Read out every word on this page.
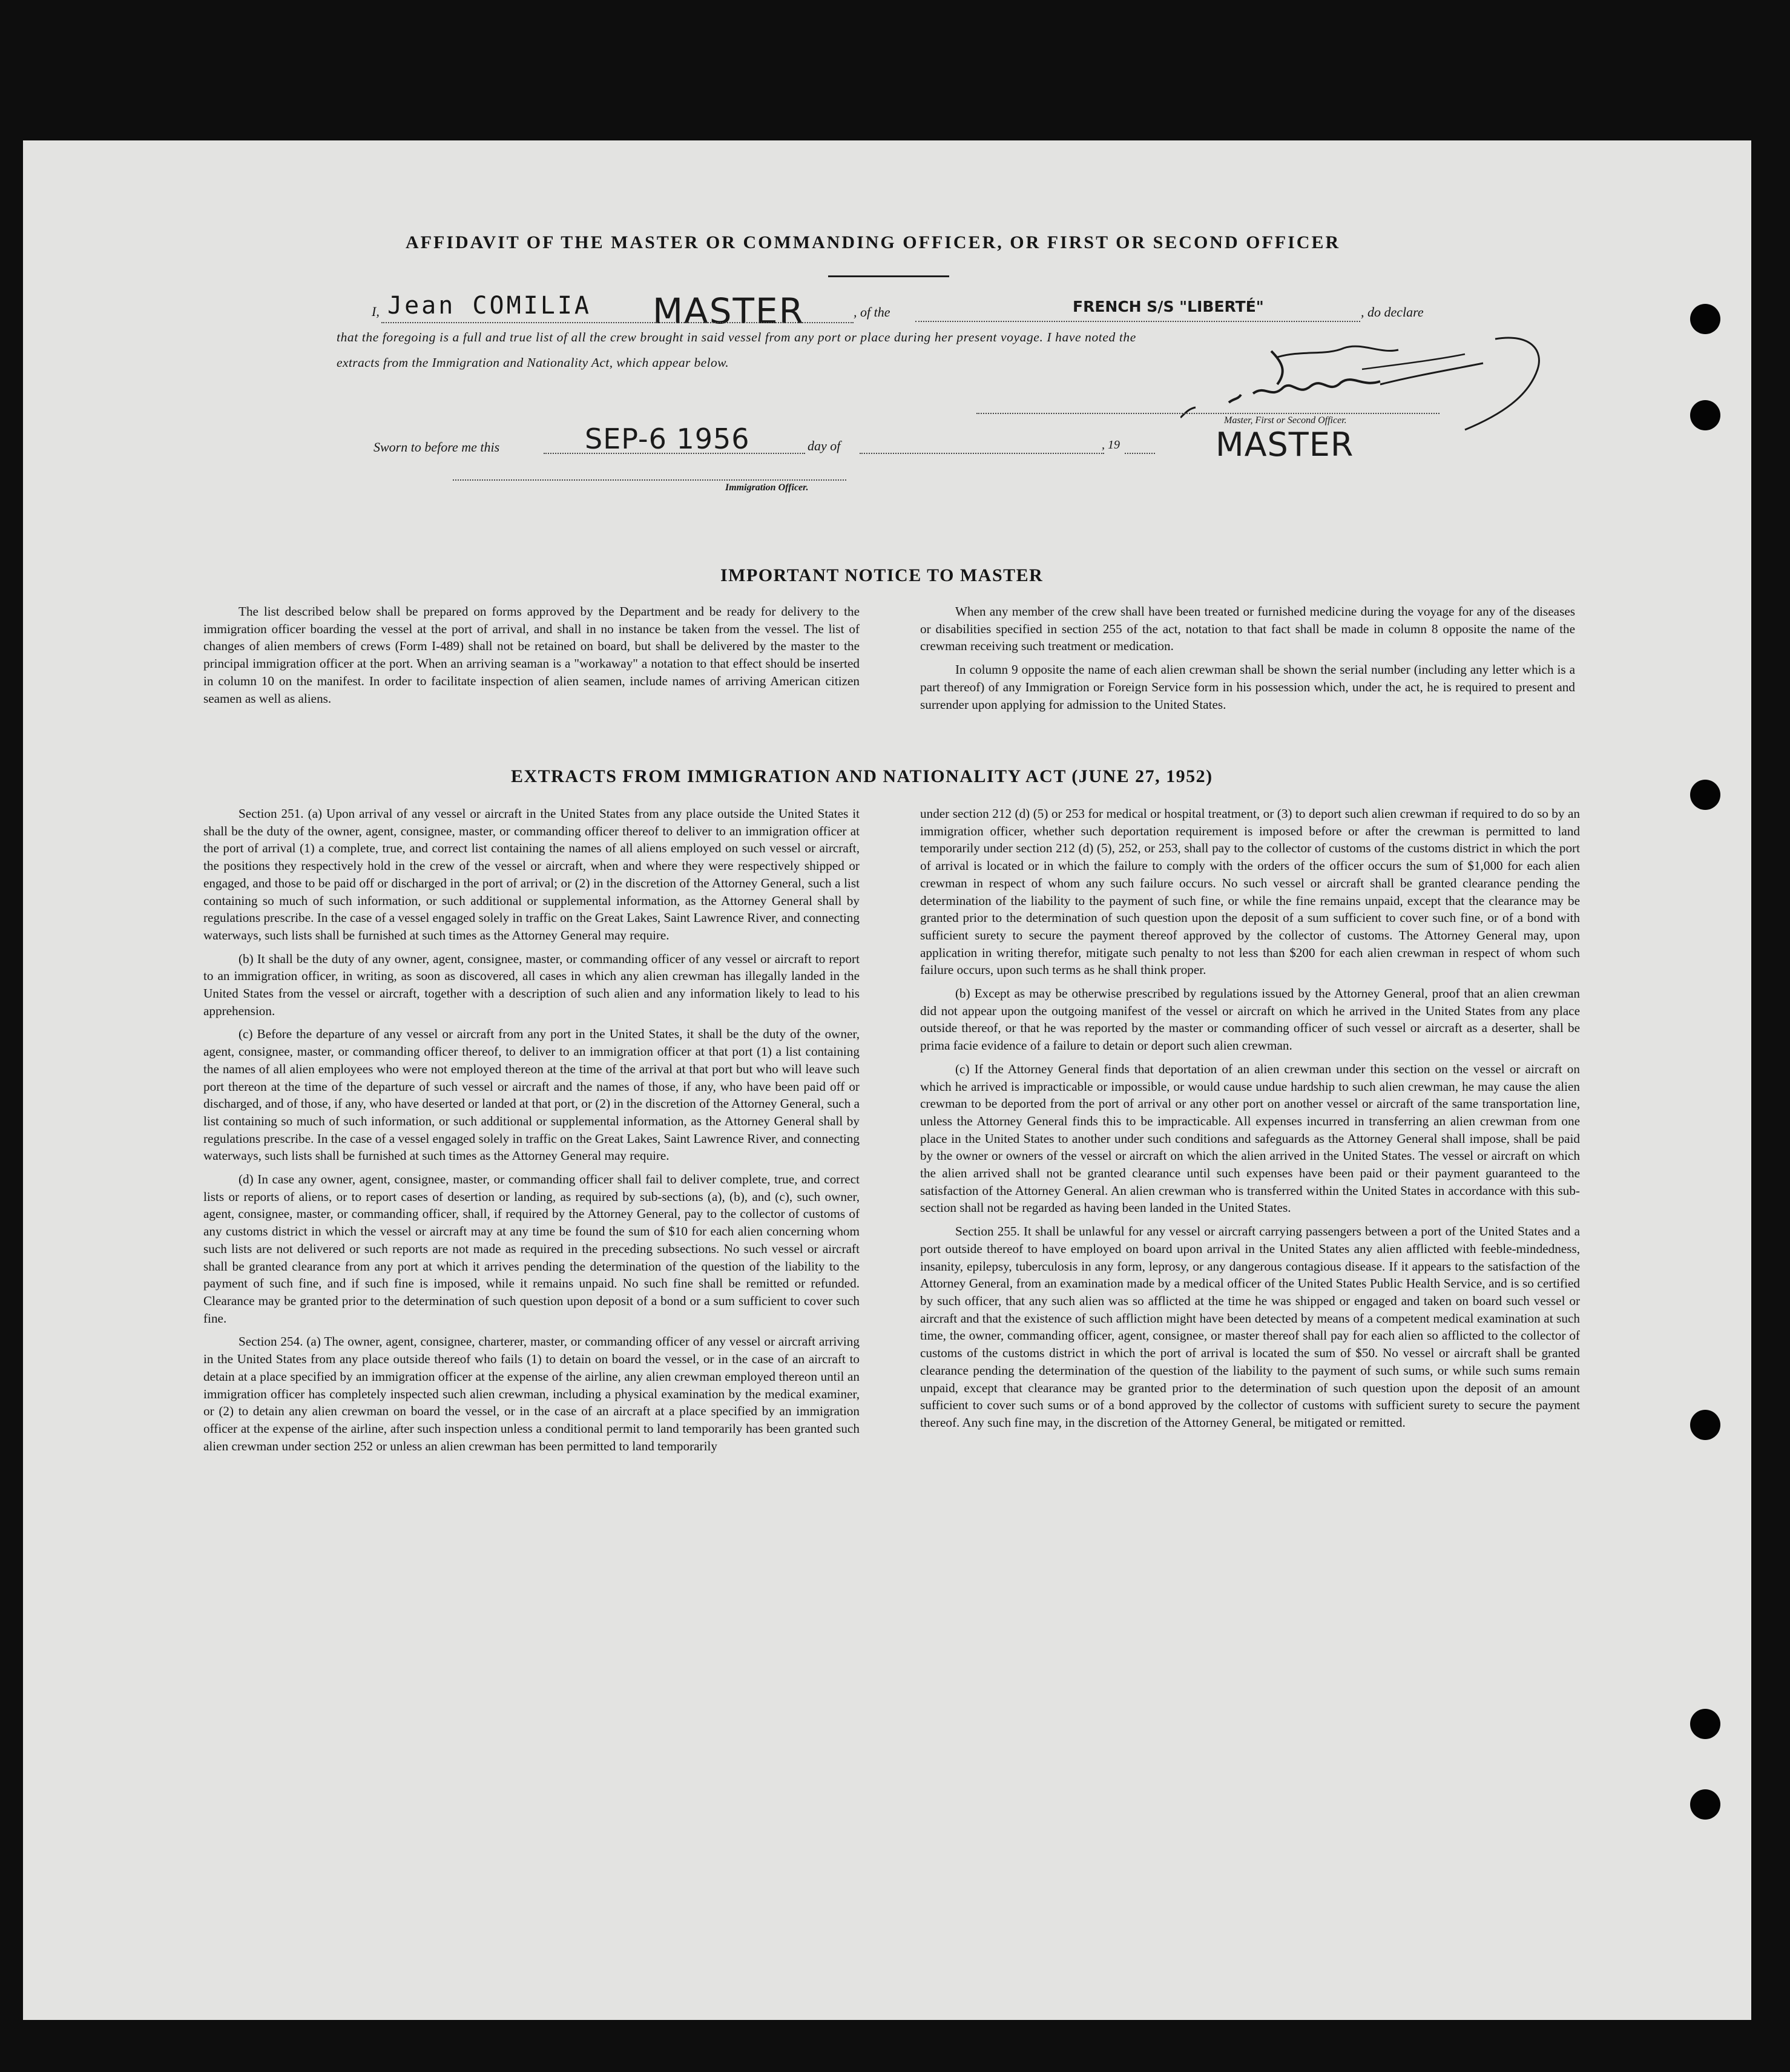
AFFIDAVIT OF THE MASTER OR COMMANDING OFFICER, OR FIRST OR SECOND OFFICER
I, Jean COMILIA MASTER	, of the	FRENCH S/S "LIBERTÉ"	, do declare
that the foregoing is a full and true list of all the crew brought in said vessel from any port or place during her present voyage. I have noted the
extracts from the Immigration and Nationality Act, which appear below.
Master, First or Second Officer.
MASTER
Sworn to before me this	SEP-6 1956	day of	, 19
Immigration Officer.
IMPORTANT NOTICE TO MASTER

The list described below shall be prepared on forms approved by the Department and be ready for delivery to the immigration officer boarding the vessel at the port of arrival, and shall in no instance be taken from the vessel. The list of changes of alien members of crews (Form I-489) shall not be retained on board, but shall be delivered by the master to the principal immigration officer at the port. When an arriving seaman is a "workaway" a notation to that effect should be inserted in column 10 on the manifest. In order to facilitate inspection of alien seamen, include names of arriving American citizen seamen as well as aliens.

When any member of the crew shall have been treated or furnished medicine during the voyage for any of the diseases or disabilities specified in section 255 of the act, notation to that fact shall be made in column 8 opposite the name of the crewman receiving such treatment or medication.

In column 9 opposite the name of each alien crewman shall be shown the serial number (including any letter which is a part thereof) of any Immigration or Foreign Service form in his possession which, under the act, he is required to present and surrender upon applying for admission to the United States.

EXTRACTS FROM IMMIGRATION AND NATIONALITY ACT (JUNE 27, 1952)

Section 251. (a) Upon arrival of any vessel or aircraft in the United States from any place outside the United States it shall be the duty of the owner, agent, consignee, master, or commanding officer thereof to deliver to an immigration officer at the port of arrival (1) a complete, true, and correct list containing the names of all aliens employed on such vessel or aircraft, the positions they respectively hold in the crew of the vessel or aircraft, when and where they were respectively shipped or engaged, and those to be paid off or discharged in the port of arrival; or (2) in the discretion of the Attorney General, such a list containing so much of such information, or such additional or supplemental information, as the Attorney General shall by regulations prescribe. In the case of a vessel engaged solely in traffic on the Great Lakes, Saint Lawrence River, and connecting waterways, such lists shall be furnished at such times as the Attorney General may require.

(b) It shall be the duty of any owner, agent, consignee, master, or commanding officer of any vessel or aircraft to report to an immigration officer, in writing, as soon as discovered, all cases in which any alien crewman has illegally landed in the United States from the vessel or aircraft, together with a description of such alien and any information likely to lead to his apprehension.

(c) Before the departure of any vessel or aircraft from any port in the United States, it shall be the duty of the owner, agent, consignee, master, or commanding officer thereof, to deliver to an immigration officer at that port (1) a list containing the names of all alien employees who were not employed thereon at the time of the arrival at that port but who will leave such port thereon at the time of the departure of such vessel or aircraft and the names of those, if any, who have been paid off or discharged, and of those, if any, who have deserted or landed at that port, or (2) in the discretion of the Attorney General, such a list containing so much of such information, or such additional or supplemental information, as the Attorney General shall by regulations prescribe. In the case of a vessel engaged solely in traffic on the Great Lakes, Saint Lawrence River, and connecting waterways, such lists shall be furnished at such times as the Attorney General may require.

(d) In case any owner, agent, consignee, master, or commanding officer shall fail to deliver complete, true, and correct lists or reports of aliens, or to report cases of desertion or landing, as required by sub-sections (a), (b), and (c), such owner, agent, consignee, master, or commanding officer, shall, if required by the Attorney General, pay to the collector of customs of any customs district in which the vessel or aircraft may at any time be found the sum of $10 for each alien concerning whom such lists are not delivered or such reports are not made as required in the preceding subsections. No such vessel or aircraft shall be granted clearance from any port at which it arrives pending the determination of the question of the liability to the payment of such fine, and if such fine is imposed, while it remains unpaid. No such fine shall be remitted or refunded. Clearance may be granted prior to the determination of such question upon deposit of a bond or a sum sufficient to cover such fine.

Section 254. (a) The owner, agent, consignee, charterer, master, or commanding officer of any vessel or aircraft arriving in the United States from any place outside thereof who fails (1) to detain on board the vessel, or in the case of an aircraft to detain at a place specified by an immigration officer at the expense of the airline, any alien crewman employed thereon until an immigration officer has completely inspected such alien crewman, including a physical examination by the medical examiner, or (2) to detain any alien crewman on board the vessel, or in the case of an aircraft at a place specified by an immigration officer at the expense of the airline, after such inspection unless a conditional permit to land temporarily has been granted such alien crewman under section 252 or unless an alien crewman has been permitted to land temporarily

under section 212 (d) (5) or 253 for medical or hospital treatment, or (3) to deport such alien crewman if required to do so by an immigration officer, whether such deportation requirement is imposed before or after the crewman is permitted to land temporarily under section 212 (d) (5), 252, or 253, shall pay to the collector of customs of the customs district in which the port of arrival is located or in which the failure to comply with the orders of the officer occurs the sum of $1,000 for each alien crewman in respect of whom any such failure occurs. No such vessel or aircraft shall be granted clearance pending the determination of the liability to the payment of such fine, or while the fine remains unpaid, except that the clearance may be granted prior to the determination of such question upon the deposit of a sum sufficient to cover such fine, or of a bond with sufficient surety to secure the payment thereof approved by the collector of customs. The Attorney General may, upon application in writing therefor, mitigate such penalty to not less than $200 for each alien crewman in respect of whom such failure occurs, upon such terms as he shall think proper.

(b) Except as may be otherwise prescribed by regulations issued by the Attorney General, proof that an alien crewman did not appear upon the outgoing manifest of the vessel or aircraft on which he arrived in the United States from any place outside thereof, or that he was reported by the master or commanding officer of such vessel or aircraft as a deserter, shall be prima facie evidence of a failure to detain or deport such alien crewman.

(c) If the Attorney General finds that deportation of an alien crewman under this section on the vessel or aircraft on which he arrived is impracticable or impossible, or would cause undue hardship to such alien crewman, he may cause the alien crewman to be deported from the port of arrival or any other port on another vessel or aircraft of the same transportation line, unless the Attorney General finds this to be impracticable. All expenses incurred in transferring an alien crewman from one place in the United States to another under such conditions and safeguards as the Attorney General shall impose, shall be paid by the owner or owners of the vessel or aircraft on which the alien arrived in the United States. The vessel or aircraft on which the alien arrived shall not be granted clearance until such expenses have been paid or their payment guaranteed to the satisfaction of the Attorney General. An alien crewman who is transferred within the United States in accordance with this sub-section shall not be regarded as having been landed in the United States.

Section 255. It shall be unlawful for any vessel or aircraft carrying passengers between a port of the United States and a port outside thereof to have employed on board upon arrival in the United States any alien afflicted with feeble-mindedness, insanity, epilepsy, tuberculosis in any form, leprosy, or any dangerous contagious disease. If it appears to the satisfaction of the Attorney General, from an examination made by a medical officer of the United States Public Health Service, and is so certified by such officer, that any such alien was so afflicted at the time he was shipped or engaged and taken on board such vessel or aircraft and that the existence of such affliction might have been detected by means of a competent medical examination at such time, the owner, commanding officer, agent, consignee, or master thereof shall pay for each alien so afflicted to the collector of customs of the customs district in which the port of arrival is located the sum of $50. No vessel or aircraft shall be granted clearance pending the determination of the question of the liability to the payment of such sums, or while such sums remain unpaid, except that clearance may be granted prior to the determination of such question upon the deposit of an amount sufficient to cover such sums or of a bond approved by the collector of customs with sufficient surety to secure the payment thereof. Any such fine may, in the discretion of the Attorney General, be mitigated or remitted.
